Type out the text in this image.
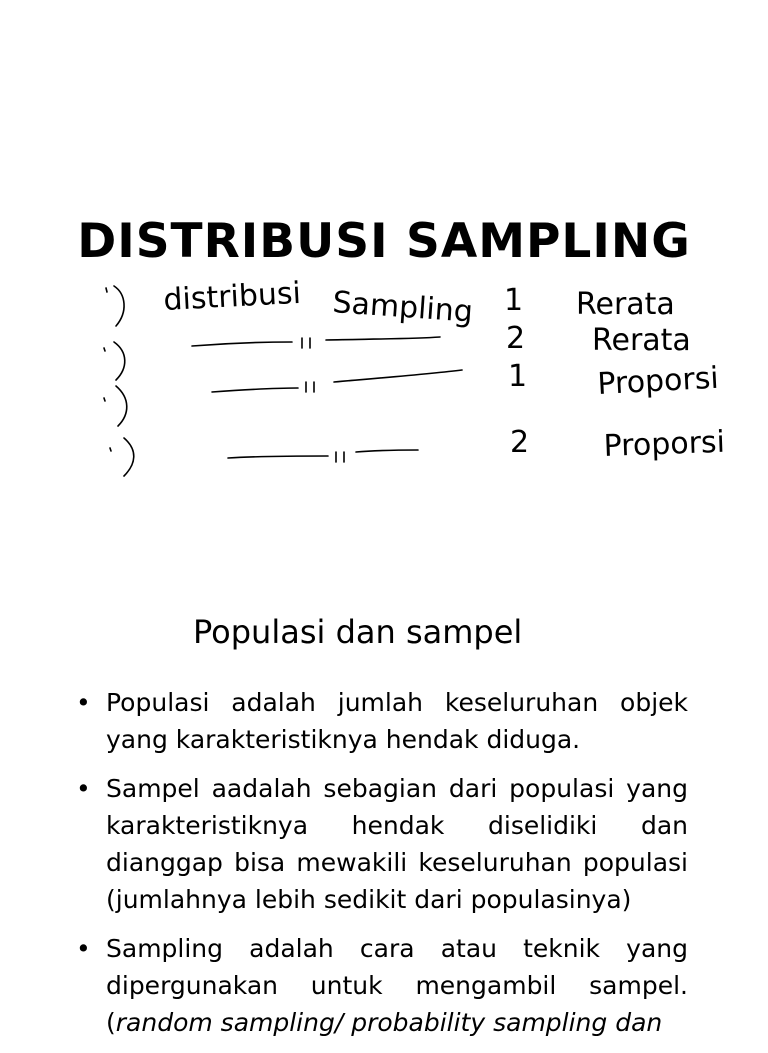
DISTRIBUSI SAMPLING
distribusi Sampling 1 Rerata
2 Rerata
1 Proporsi
2 Proporsi
Populasi dan sampel
• Populasi adalah jumlah keseluruhan objek yang karakteristiknya hendak diduga.
• Sampel aadalah sebagian dari populasi yang karakteristiknya hendak diselidiki dan dianggap bisa mewakili keseluruhan populasi (jumlahnya lebih sedikit dari populasinya)
• Sampling adalah cara atau teknik yang dipergunakan untuk mengambil sampel. (random sampling/ probability sampling dan
